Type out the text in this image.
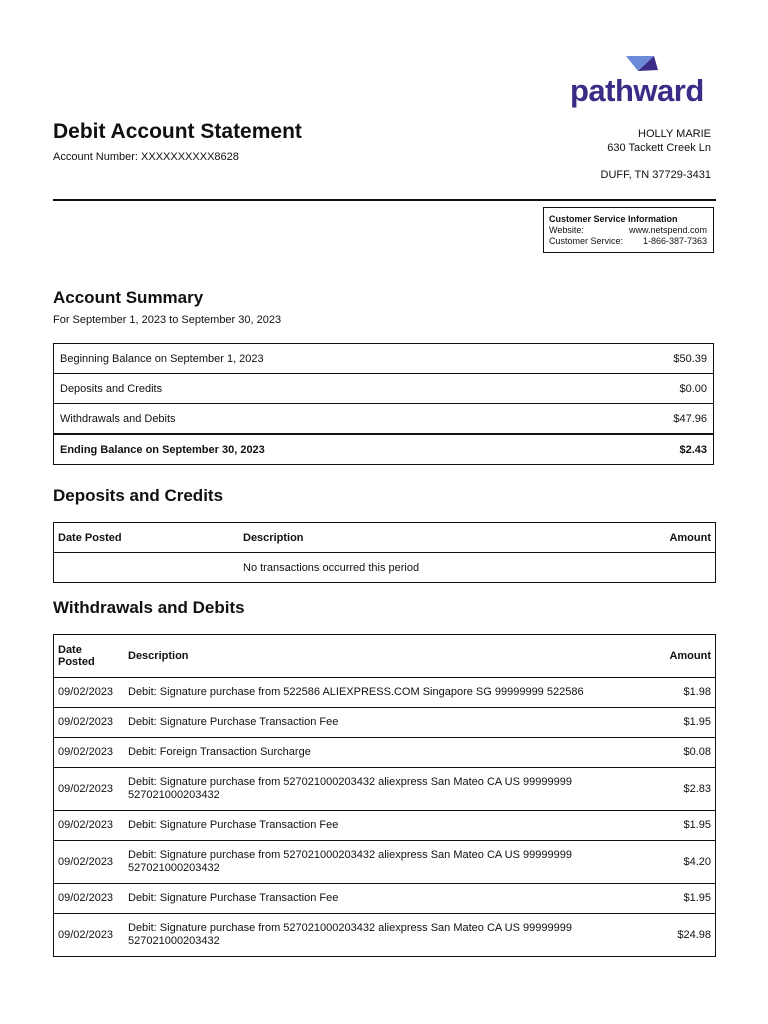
pathward
Debit Account Statement
Account Number: XXXXXXXXXX8628
HOLLY MARIE
630 Tackett Creek Ln
DUFF, TN 37729-3431
Customer Service Information
Website:	www.netspend.com
Customer Service: 1-866-387-7363
Account Summary
For September 1, 2023 to September 30, 2023
Beginning Balance on September 1, 2023	$50.39
Deposits and Credits	$0.00
Withdrawals and Debits	$47.96
Ending Balance on September 30, 2023	$2.43
Deposits and Credits
Date Posted	Description	Amount
	No transactions occurred this period	
Withdrawals and Debits
Date
Posted	Description	Amount
09/02/2023	Debit: Signature purchase from 522586 ALIEXPRESS.COM Singapore SG 99999999 522586	$1.98
09/02/2023	Debit: Signature Purchase Transaction Fee	$1.95
09/02/2023	Debit: Foreign Transaction Surcharge	$0.08
09/02/2023	Debit: Signature purchase from 527021000203432 aliexpress San Mateo CA US 99999999
527021000203432	$2.83
09/02/2023	Debit: Signature Purchase Transaction Fee	$1.95
09/02/2023	Debit: Signature purchase from 527021000203432 aliexpress San Mateo CA US 99999999
527021000203432	$4.20
09/02/2023	Debit: Signature Purchase Transaction Fee	$1.95
09/02/2023	Debit: Signature purchase from 527021000203432 aliexpress San Mateo CA US 99999999
527021000203432	$24.98
